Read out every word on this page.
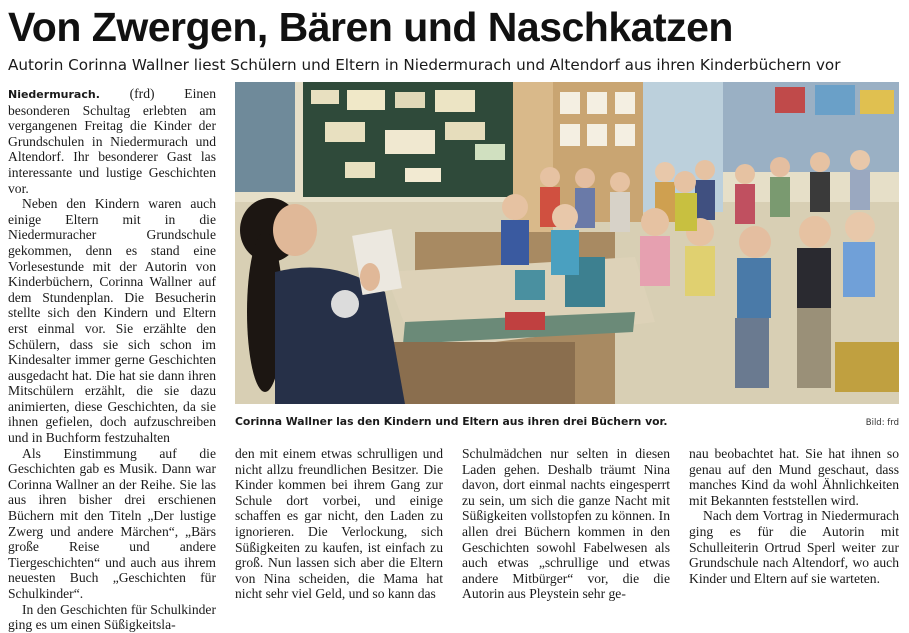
Von Zwergen, Bären und Naschkatzen
Autorin Corinna Wallner liest Schülern und Eltern in Niedermurach und Altendorf aus ihren Kinderbüchern vor

Niedermurach. (frd) Einen besonderen Schultag erlebten am vergangenen Freitag die Kinder der Grundschulen in Niedermurach und Altendorf. Ihr besonderer Gast las interessante und lustige Geschichten vor.

Neben den Kindern waren auch einige Eltern mit in die Niedermuracher Grundschule gekommen, denn es stand eine Vorlesestunde mit der Autorin von Kinderbüchern, Corinna Wallner auf dem Stundenplan. Die Besucherin stellte sich den Kindern und Eltern erst einmal vor. Sie erzählte den Schülern, dass sie sich schon im Kindesalter immer gerne Geschichten ausgedacht hat. Die hat sie dann ihren Mitschülern erzählt, die sie dazu animierten, diese Geschichten, da sie ihnen gefielen, doch aufzuschreiben und in Buchform festzuhalten

Als Einstimmung auf die Geschichten gab es Musik. Dann war Corinna Wallner an der Reihe. Sie las aus ihren bisher drei erschienen Büchern mit den Titeln „Der lustige Zwerg und andere Märchen“, „Bärs große Reise und andere Tiergeschichten“ und auch aus ihrem neuesten Buch „Geschichten für Schulkinder“.

In den Geschichten für Schulkinder ging es um einen Süßigkeitsla-

Corinna Wallner las den Kindern und Eltern aus ihren drei Büchern vor.	Bild: frd

den mit einem etwas schrulligen und nicht allzu freundlichen Besitzer. Die Kinder kommen bei ihrem Gang zur Schule dort vorbei, und einige schaffen es gar nicht, den Laden zu ignorieren. Die Verlockung, sich Süßigkeiten zu kaufen, ist einfach zu groß. Nun lassen sich aber die Eltern von Nina scheiden, die Mama hat nicht sehr viel Geld, und so kann das

Schulmädchen nur selten in diesen Laden gehen. Deshalb träumt Nina davon, dort einmal nachts eingesperrt zu sein, um sich die ganze Nacht mit Süßigkeiten vollstopfen zu können. In allen drei Büchern kommen in den Geschichten sowohl Fabelwesen als auch etwas „schrullige und etwas andere Mitbürger“ vor, die die Autorin aus Pleystein sehr ge-

nau beobachtet hat. Sie hat ihnen so genau auf den Mund geschaut, dass manches Kind da wohl Ähnlichkeiten mit Bekannten feststellen wird.

Nach dem Vortrag in Niedermurach ging es für die Autorin mit Schulleiterin Ortrud Sperl weiter zur Grundschule nach Altendorf, wo auch Kinder und Eltern auf sie warteten.
